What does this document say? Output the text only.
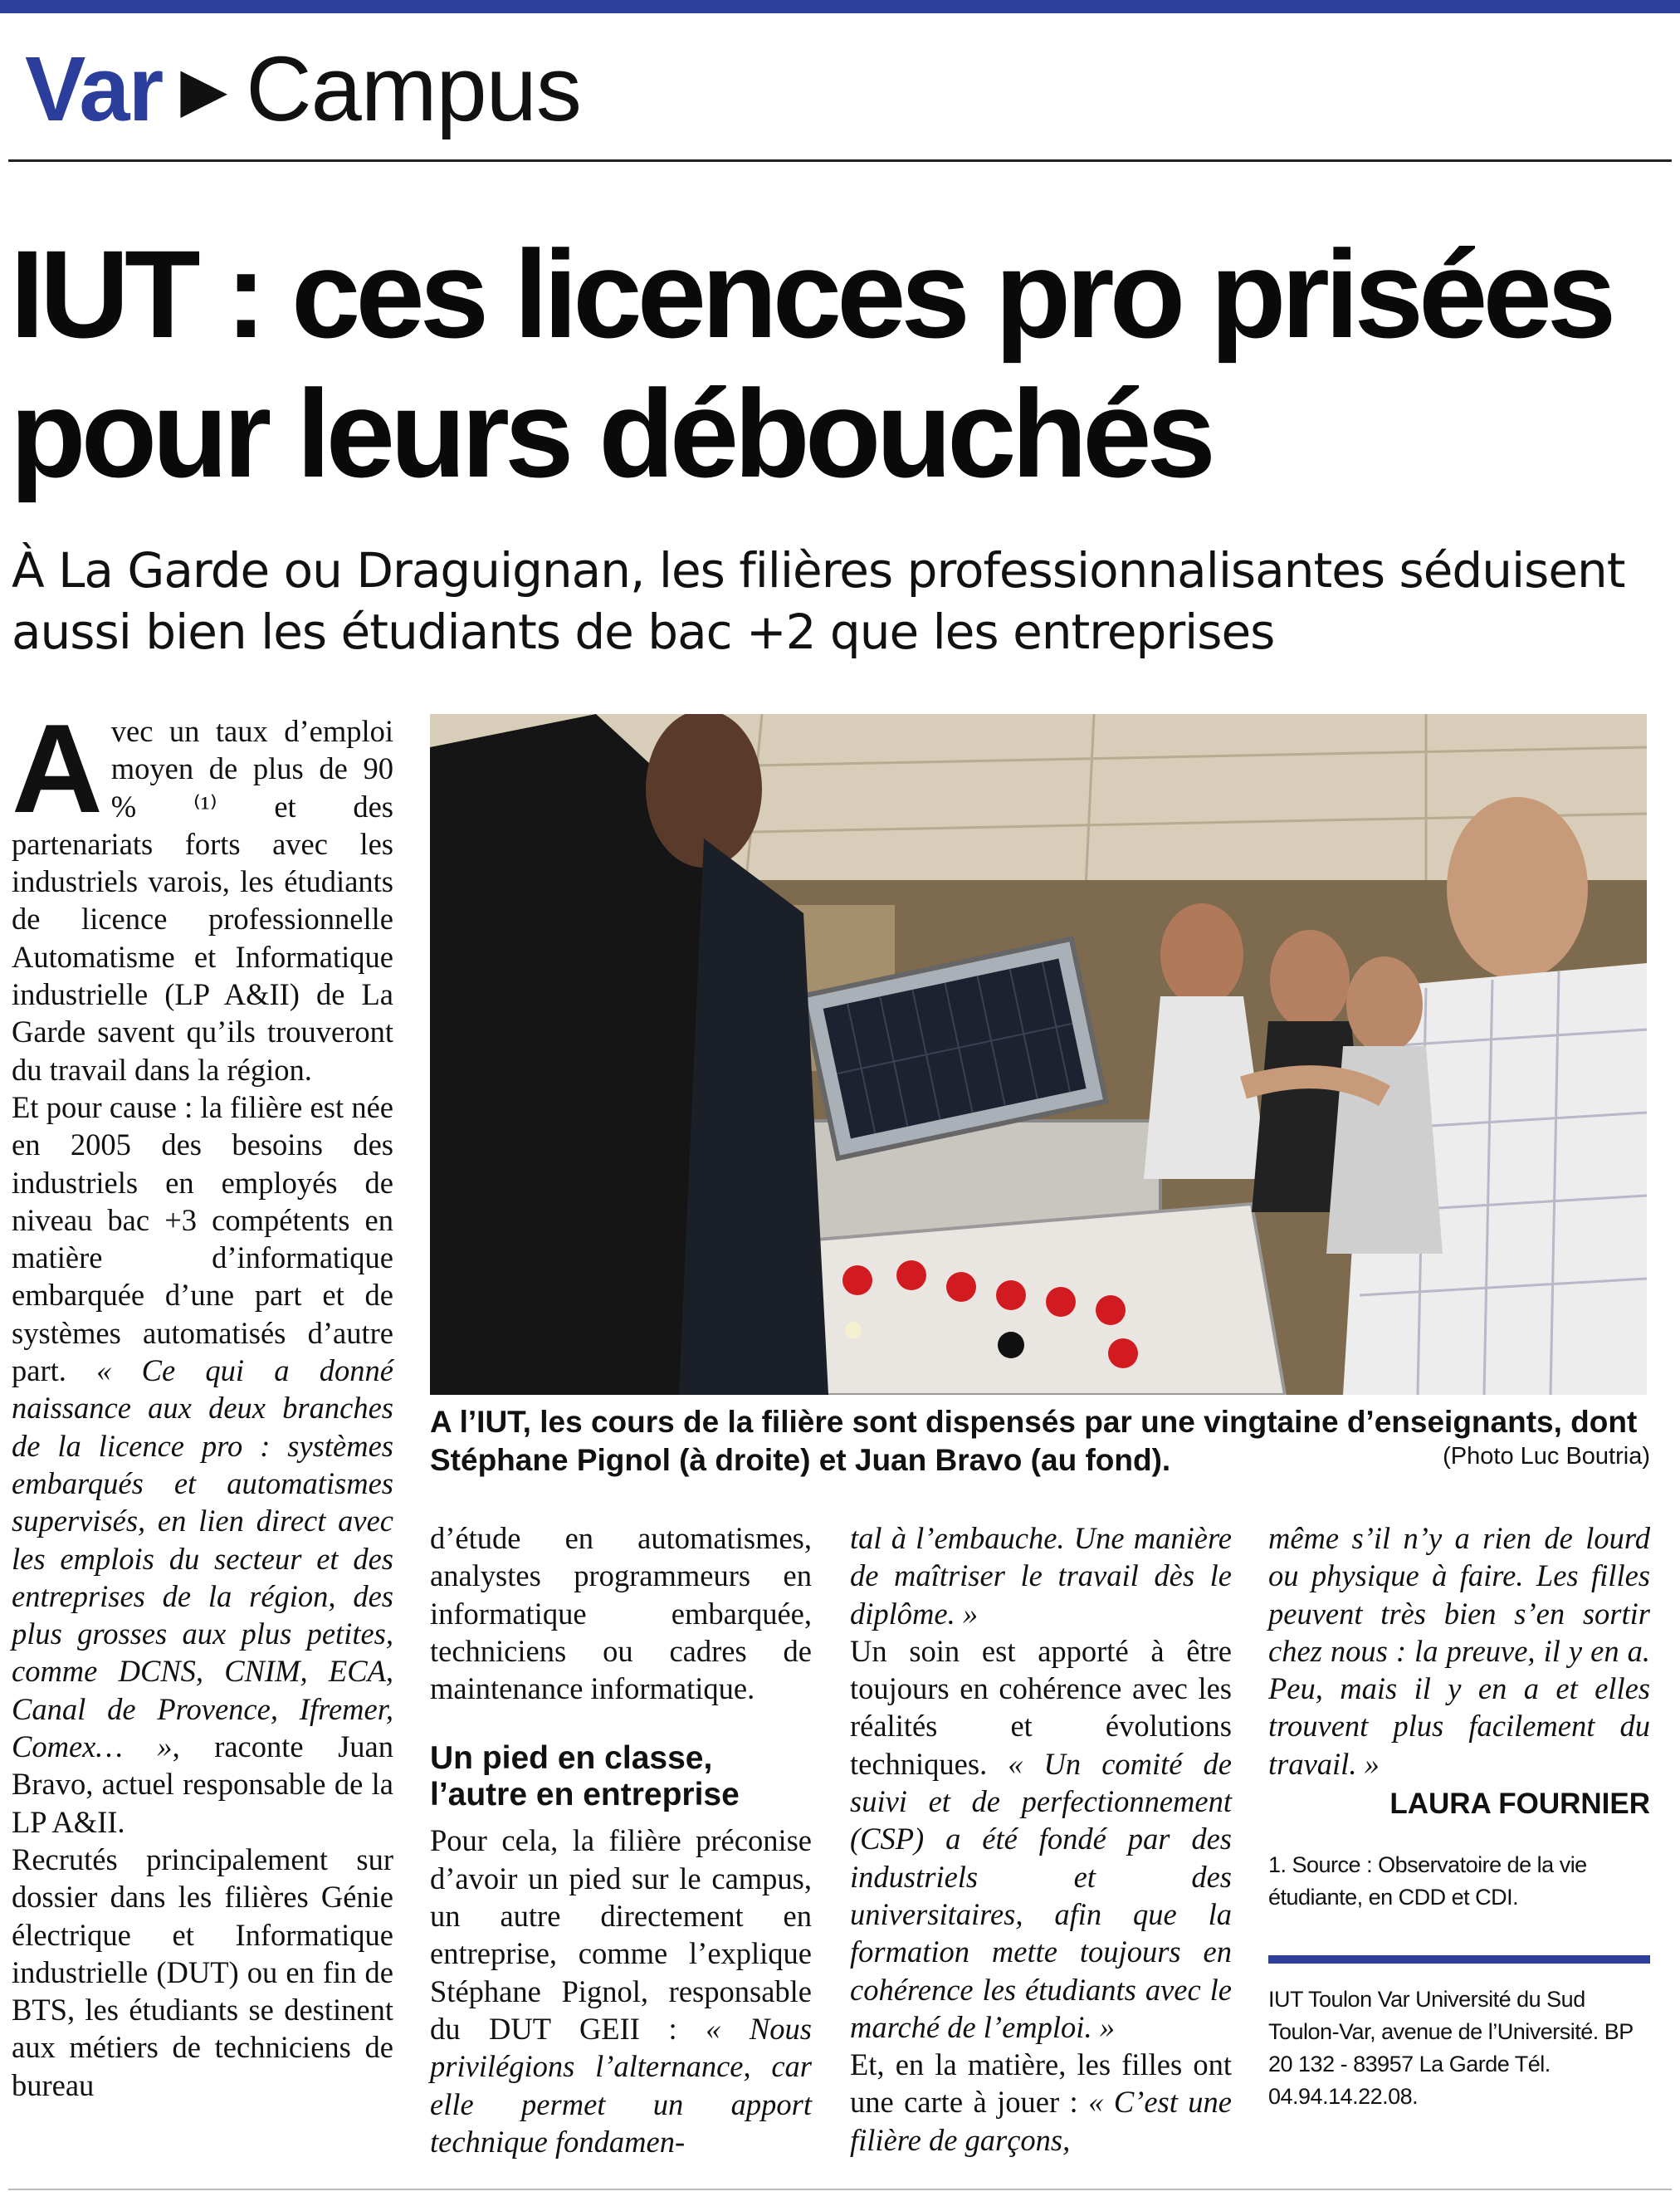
Var ▶ Campus
IUT : ces licences pro prisées pour leurs débouchés

À La Garde ou Draguignan, les filières professionnalisantes séduisent aussi bien les étudiants de bac +2 que les entreprises

Avec un taux d’emploi moyen de plus de 90 % ⁽¹⁾ et des partenariats forts avec les industriels varois, les étudiants de licence professionnelle Automatisme et Informatique industrielle (LP A&II) de La Garde savent qu’ils trouveront du travail dans la région.

Et pour cause : la filière est née en 2005 des besoins des industriels en employés de niveau bac +3 compétents en matière d’informatique embarquée d’une part et de systèmes automatisés d’autre part. « Ce qui a donné naissance aux deux branches de la licence pro : systèmes embarqués et automatismes supervisés, en lien direct avec les emplois du secteur et des entreprises de la région, des plus grosses aux plus petites, comme DCNS, CNIM, ECA, Canal de Provence, Ifremer, Comex… », raconte Juan Bravo, actuel responsable de la LP A&II.

Recrutés principalement sur dossier dans les filières Génie électrique et Informatique industrielle (DUT) ou en fin de BTS, les étudiants se destinent aux métiers de techniciens de bureau

A l’IUT, les cours de la filière sont dispensés par une vingtaine d’enseignants, dont Stéphane Pignol (à droite) et Juan Bravo (au fond).	(Photo Luc Boutria)

d’étude en automatismes, analystes programmeurs en informatique embarquée, techniciens ou cadres de maintenance informatique.

Un pied en classe, l’autre en entreprise

Pour cela, la filière préconise d’avoir un pied sur le campus, un autre directement en entreprise, comme l’explique Stéphane Pignol, responsable du DUT GEII : « Nous privilégions l’alternance, car elle permet un apport technique fondamen-

tal à l’embauche. Une manière de maîtriser le travail dès le diplôme. »

Un soin est apporté à être toujours en cohérence avec les réalités et évolutions techniques. « Un comité de suivi et de perfectionnement (CSP) a été fondé par des industriels et des universitaires, afin que la formation mette toujours en cohérence les étudiants avec le marché de l’emploi. »

Et, en la matière, les filles ont une carte à jouer : « C’est une filière de garçons,

même s’il n’y a rien de lourd ou physique à faire. Les filles peuvent très bien s’en sortir chez nous : la preuve, il y en a. Peu, mais il y en a et elles trouvent plus facilement du travail. »

LAURA FOURNIER

1. Source : Observatoire de la vie étudiante, en CDD et CDI.

IUT Toulon Var Université du Sud Toulon-Var, avenue de l’Université. BP 20 132 - 83957 La Garde Tél. 04.94.14.22.08.
